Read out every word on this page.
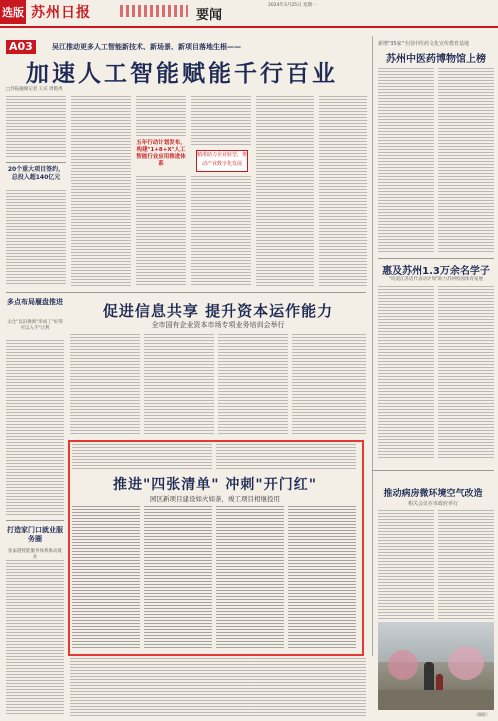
选版 苏州日报	要闻
2024年3月25日 星期一
A03	吴江推动更多人工智能新技术、新场景、新项目落地生根——
加速人工智能赋能千行百业
□苏报融媒记者 王宾 周艳禹
20个重大项目签约，总投入超140亿元
五年行动计划发布，构建"1+8+X"人工智能行业应用推进体系
精准助力企业转型，推动产业数字化发展
新增"35家"全国中医药文化宣传教育基地
苏州中医药博物馆上榜
惠及苏州1.3万余名学子
"问道江苏话代表动计划"助力苏州校园体育发展
多点布局履盘推进
太仓"以旧换新"形成了"好得可以入手"让利
打造家门口就业服务圈
张家港智能服务体系推动就业
促进信息共享 提升资本运作能力
全市国有企业资本市场专项业务培训会举行
推进"四张清单" 冲刺"开门红"
园区新项目建设如火如荼，竣工项目相继投用	推动病房微环境空气改造
相关会议在市政府举行
（摄影）
